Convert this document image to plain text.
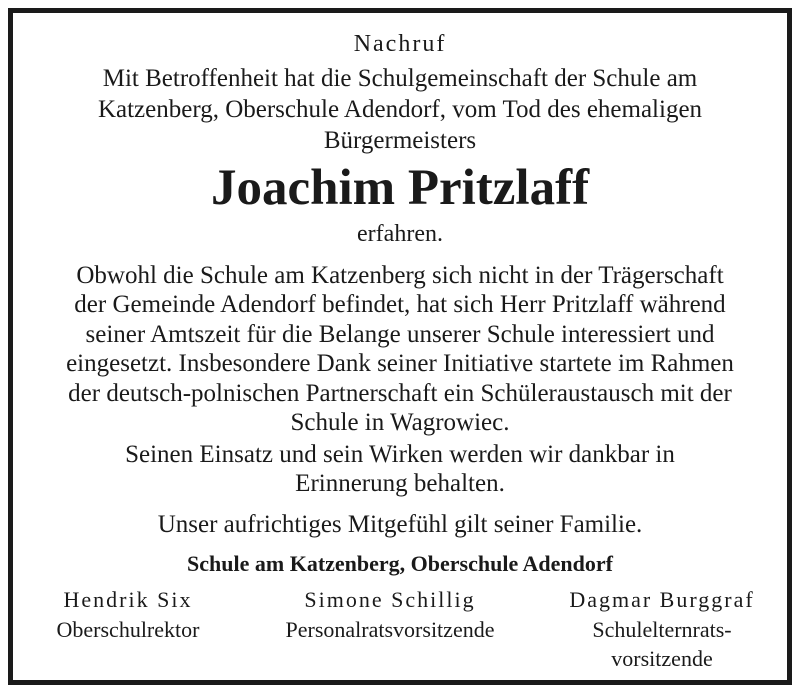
Nachruf
Mit Betroffenheit hat die Schulgemeinschaft der Schule am
Katzenberg, Oberschule Adendorf, vom Tod des ehemaligen
Bürgermeisters
Joachim Pritzlaff
erfahren.
Obwohl die Schule am Katzenberg sich nicht in der Trägerschaft
der Gemeinde Adendorf befindet, hat sich Herr Pritzlaff während
seiner Amtszeit für die Belange unserer Schule interessiert und
eingesetzt. Insbesondere Dank seiner Initiative startete im Rahmen
der deutsch-polnischen Partnerschaft ein Schüleraustausch mit der
Schule in Wagrowiec.
Seinen Einsatz und sein Wirken werden wir dankbar in
Erinnerung behalten.
Unser aufrichtiges Mitgefühl gilt seiner Familie.
Schule am Katzenberg, Oberschule Adendorf
Hendrik Six
Oberschulrektor
Simone Schillig
Personalratsvorsitzende
Dagmar Burggraf
Schulelternrats-
vorsitzende
